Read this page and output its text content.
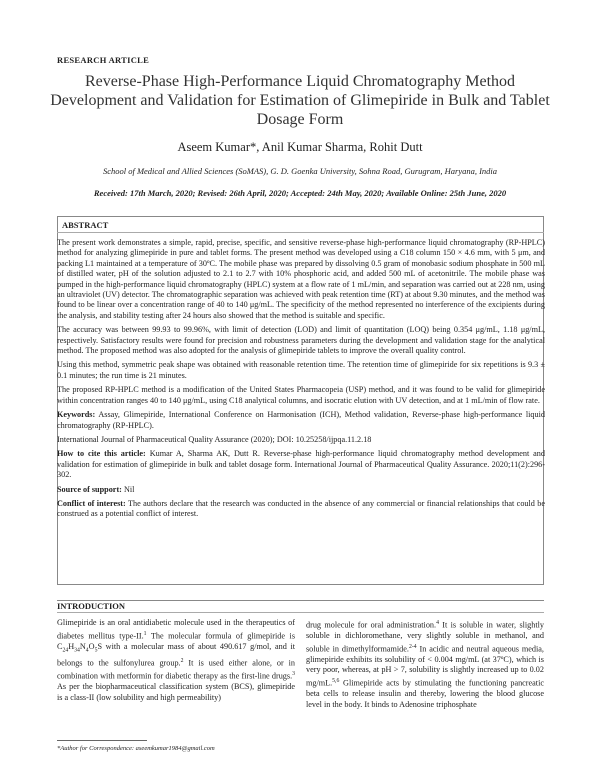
RESEARCH ARTICLE
Reverse-Phase High-Performance Liquid Chromatography Method Development and Validation for Estimation of Glimepiride in Bulk and Tablet Dosage Form
Aseem Kumar*, Anil Kumar Sharma, Rohit Dutt
School of Medical and Allied Sciences (SoMAS), G. D. Goenka University, Sohna Road, Gurugram, Haryana, India
Received: 17th March, 2020; Revised: 26th April, 2020; Accepted: 24th May, 2020; Available Online: 25th June, 2020
ABSTRACT

The present work demonstrates a simple, rapid, precise, specific, and sensitive reverse-phase high-performance liquid chromatography (RP-HPLC) method for analyzing glimepiride in pure and tablet forms. The present method was developed using a C18 column 150 × 4.6 mm, with 5 μm, and packing L1 maintained at a temperature of 30ºC. The mobile phase was prepared by dissolving 0.5 gram of monobasic sodium phosphate in 500 mL of distilled water, pH of the solution adjusted to 2.1 to 2.7 with 10% phosphoric acid, and added 500 mL of acetonitrile. The mobile phase was pumped in the high-performance liquid chromatography (HPLC) system at a flow rate of 1 mL/min, and separation was carried out at 228 nm, using an ultraviolet (UV) detector. The chromatographic separation was achieved with peak retention time (RT) at about 9.30 minutes, and the method was found to be linear over a concentration range of 40 to 140 μg/mL. The specificity of the method represented no interference of the excipients during the analysis, and stability testing after 24 hours also showed that the method is suitable and specific.

The accuracy was between 99.93 to 99.96%, with limit of detection (LOD) and limit of quantitation (LOQ) being 0.354 μg/mL, 1.18 μg/mL, respectively. Satisfactory results were found for precision and robustness parameters during the development and validation stage for the analytical method. The proposed method was also adopted for the analysis of glimepiride tablets to improve the overall quality control.

Using this method, symmetric peak shape was obtained with reasonable retention time. The retention time of glimepiride for six repetitions is 9.3 ± 0.1 minutes; the run time is 21 minutes.

The proposed RP-HPLC method is a modification of the United States Pharmacopeia (USP) method, and it was found to be valid for glimepiride within concentration ranges 40 to 140 μg/mL, using C18 analytical columns, and isocratic elution with UV detection, and at 1 mL/min of flow rate.

Keywords: Assay, Glimepiride, International Conference on Harmonisation (ICH), Method validation, Reverse-phase high-performance liquid chromatography (RP-HPLC).

International Journal of Pharmaceutical Quality Assurance (2020); DOI: 10.25258/ijpqa.11.2.18

How to cite this article: Kumar A, Sharma AK, Dutt R. Reverse-phase high-performance liquid chromatography method development and validation for estimation of glimepiride in bulk and tablet dosage form. International Journal of Pharmaceutical Quality Assurance. 2020;11(2):296-302.

Source of support: Nil

Conflict of interest: The authors declare that the research was conducted in the absence of any commercial or financial relationships that could be construed as a potential conflict of interest.

INTRODUCTION
Glimepiride is an oral antidiabetic molecule used in the therapeutics of diabetes mellitus type-II.$^1$ The molecular formula of glimepiride is $C_{24}H_{34}N_4O_5S$ with a molecular mass of about 490.617 g/mol, and it belongs to the sulfonylurea group.$^2$ It is used either alone, or in combination with metformin for diabetic therapy as the first-line drugs.$^3$ As per the biopharmaceutical classification system (BCS), glimepiride is a class-II (low solubility and high permeability)
drug molecule for oral administration.$^4$ It is soluble in water, slightly soluble in dichloromethane, very slightly soluble in methanol, and soluble in dimethylformamide.$^{2-4}$ In acidic and neutral aqueous media, glimepiride exhibits its solubility of < 0.004 mg/mL (at 37ºC), which is very poor, whereas, at pH > 7, solubility is slightly increased up to 0.02 mg/mL.$^{5,6}$ Glimepiride acts by stimulating the functioning pancreatic beta cells to release insulin and thereby, lowering the blood glucose level in the body. It binds to Adenosine triphosphate
*Author for Correspondence: aseemkumar1984@gmail.com
